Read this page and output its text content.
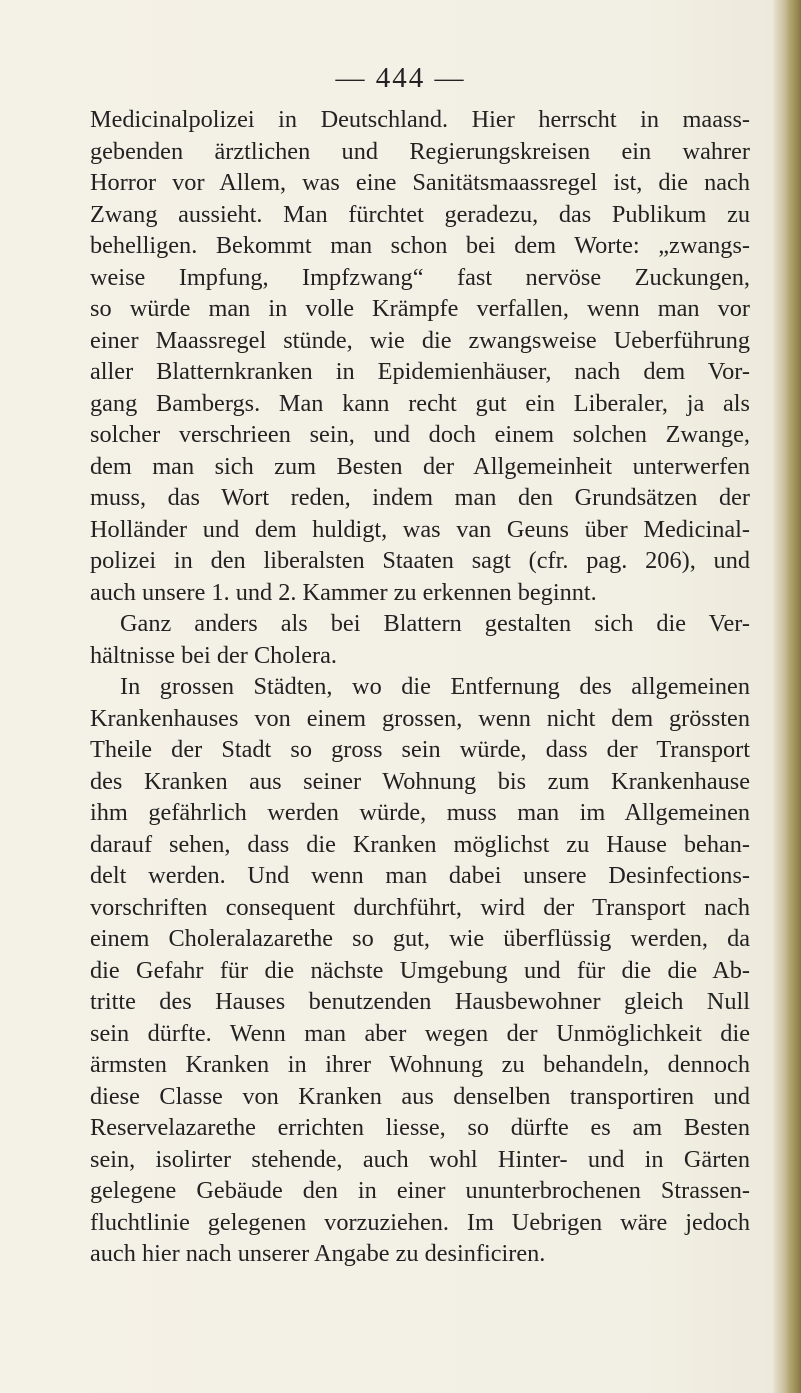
— 444 —
Medicinalpolizei in Deutschland. Hier herrscht in maass-
gebenden ärztlichen und Regierungskreisen ein wahrer
Horror vor Allem, was eine Sanitätsmaassregel ist, die nach
Zwang aussieht. Man fürchtet geradezu, das Publikum zu
behelligen. Bekommt man schon bei dem Worte: „zwangs-
weise Impfung, Impfzwang“ fast nervöse Zuckungen,
so würde man in volle Krämpfe verfallen, wenn man vor
einer Maassregel stünde, wie die zwangsweise Ueberführung
aller Blatternkranken in Epidemienhäuser, nach dem Vor-
gang Bambergs. Man kann recht gut ein Liberaler, ja als
solcher verschrieen sein, und doch einem solchen Zwange,
dem man sich zum Besten der Allgemeinheit unterwerfen
muss, das Wort reden, indem man den Grundsätzen der
Holländer und dem huldigt, was van Geuns über Medicinal-
polizei in den liberalsten Staaten sagt (cfr. pag. 206), und
auch unsere 1. und 2. Kammer zu erkennen beginnt.
Ganz anders als bei Blattern gestalten sich die Ver-
hältnisse bei der Cholera.
In grossen Städten, wo die Entfernung des allgemeinen
Krankenhauses von einem grossen, wenn nicht dem grössten
Theile der Stadt so gross sein würde, dass der Transport
des Kranken aus seiner Wohnung bis zum Krankenhause
ihm gefährlich werden würde, muss man im Allgemeinen
darauf sehen, dass die Kranken möglichst zu Hause behan-
delt werden. Und wenn man dabei unsere Desinfections-
vorschriften consequent durchführt, wird der Transport nach
einem Choleralazarethe so gut, wie überflüssig werden, da
die Gefahr für die nächste Umgebung und für die die Ab-
tritte des Hauses benutzenden Hausbewohner gleich Null
sein dürfte. Wenn man aber wegen der Unmöglichkeit die
ärmsten Kranken in ihrer Wohnung zu behandeln, dennoch
diese Classe von Kranken aus denselben transportiren und
Reservelazarethe errichten liesse, so dürfte es am Besten
sein, isolirter stehende, auch wohl Hinter- und in Gärten
gelegene Gebäude den in einer ununterbrochenen Strassen-
fluchtlinie gelegenen vorzuziehen. Im Uebrigen wäre jedoch
auch hier nach unserer Angabe zu desinficiren.
